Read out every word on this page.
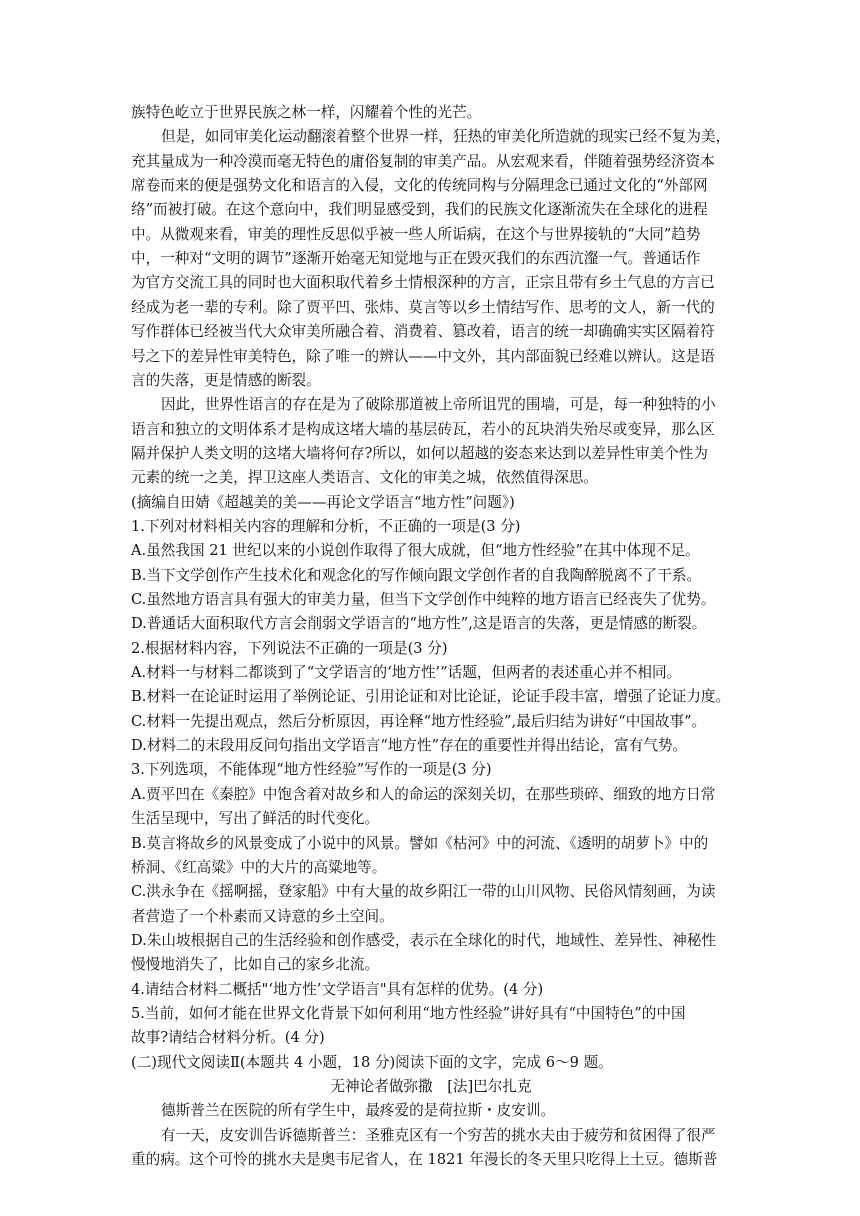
族特色屹立于世界民族之林一样，闪耀着个性的光芒。
但是，如同审美化运动翻滚着整个世界一样，狂热的审美化所造就的现实已经不复为美，
充其量成为一种冷漠而毫无特色的庸俗复制的审美产品。从宏观来看，伴随着强势经济资本
席卷而来的便是强势文化和语言的入侵，文化的传统同构与分隔理念已通过文化的“外部网
络”而被打破。在这个意向中，我们明显感受到，我们的民族文化逐渐流失在全球化的进程
中。从微观来看，审美的理性反思似乎被一些人所诟病，在这个与世界接轨的“大同”趋势
中，一种对“文明的调节”逐渐开始毫无知觉地与正在毁灭我们的东西沆瀣一气。普通话作
为官方交流工具的同时也大面积取代着乡土情根深种的方言，正宗且带有乡土气息的方言已
经成为老一辈的专利。除了贾平凹、张炜、莫言等以乡土情结写作、思考的文人，新一代的
写作群体已经被当代大众审美所融合着、消费着、篡改着，语言的统一却确确实实区隔着符
号之下的差异性审美特色，除了唯一的辨认——中文外，其内部面貌已经难以辨认。这是语
言的失落，更是情感的断裂。
因此，世界性语言的存在是为了破除那道被上帝所诅咒的围墙，可是，每一种独特的小
语言和独立的文明体系才是构成这堵大墙的基层砖瓦，若小的瓦块消失殆尽或变异，那么区
隔并保护人类文明的这堵大墙将何存?所以，如何以超越的姿态来达到以差异性审美个性为
元素的统一之美，捍卫这座人类语言、文化的审美之城，依然值得深思。
(摘编自田婧《超越美的美——再论文学语言“地方性”问题》)
1.下列对材料相关内容的理解和分析，不正确的一项是(3 分)
A.虽然我国 21 世纪以来的小说创作取得了很大成就，但“地方性经验”在其中体现不足。
B.当下文学创作产生技术化和观念化的写作倾向跟文学创作者的自我陶醉脱离不了干系。
C.虽然地方语言具有强大的审美力量，但当下文学创作中纯粹的地方语言已经丧失了优势。
D.普通话大面积取代方言会削弱文学语言的“地方性”,这是语言的失落，更是情感的断裂。
2.根据材料内容，下列说法不正确的一项是(3 分)
A.材料一与材料二都谈到了“文学语言的‘地方性’”话题，但两者的表述重心并不相同。
B.材料一在论证时运用了举例论证、引用论证和对比论证，论证手段丰富，增强了论证力度。
C.材料一先提出观点，然后分析原因，再诠释“地方性经验”,最后归结为讲好“中国故事”。
D.材料二的末段用反问句指出文学语言“地方性”存在的重要性并得出结论，富有气势。
3.下列选项，不能体现“地方性经验”写作的一项是(3 分)
A.贾平凹在《秦腔》中饱含着对故乡和人的命运的深刻关切，在那些琐碎、细致的地方日常
生活呈现中，写出了鲜活的时代变化。
B.莫言将故乡的风景变成了小说中的风景。譬如《枯河》中的河流、《透明的胡萝卜》中的
桥洞、《红高粱》中的大片的高粱地等。
C.洪永争在《摇啊摇，登家船》中有大量的故乡阳江一带的山川风物、民俗风情刻画，为读
者营造了一个朴素而又诗意的乡土空间。
D.朱山坡根据自己的生活经验和创作感受，表示在全球化的时代，地域性、差异性、神秘性
慢慢地消失了，比如自己的家乡北流。
4.请结合材料二概括"‘地方性’文学语言"具有怎样的优势。(4 分)
5.当前，如何才能在世界文化背景下如何利用“地方性经验”讲好具有“中国特色”的中国
故事?请结合材料分析。(4 分)
(二)现代文阅读Ⅱ(本题共 4 小题，18 分)阅读下面的文字，完成 6～9 题。
无神论者做弥撒　[法]巴尔扎克
德斯普兰在医院的所有学生中，最疼爱的是荷拉斯・皮安训。
有一天，皮安训告诉德斯普兰：圣雅克区有一个穷苦的挑水夫由于疲劳和贫困得了很严
重的病。这个可怜的挑水夫是奥韦尼省人，在 1821 年漫长的冬天里只吃得上土豆。德斯普
